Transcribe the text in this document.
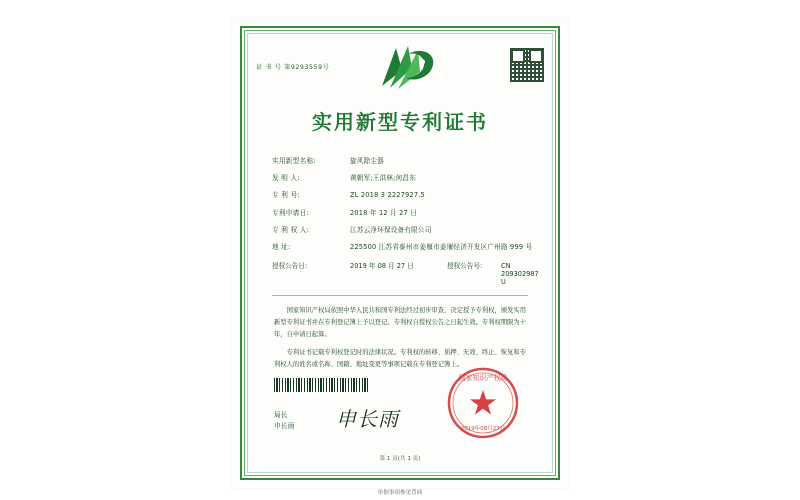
证 书 号 第9293559号
实用新型专利证书
实用新型名称:	旋风除尘器
发 明 人:	黄朝军;王洪林;何昌东
专 利 号:	ZL 2018 3 2227927.5
专利申请日:	2018 年 12 月 27 日
专 利 权 人:	江苏云净环保设备有限公司
地 址:	225500 江苏省泰州市姜堰市姜堰经济开发区广州路 999 号
授权公告日:	2019 年 08 月 27 日	授权公告号:	CN 209302987 U

国家知识产权局依照中华人民共和国专利法经过初步审查，决定授予专利权，颁发实用新型专利证书并在专利登记簿上予以登记。专利权自授权公告之日起生效。专利权期限为十年，自申请日起算。

专利证书记载专利权登记时的法律状况。专利权的转移、质押、无效、终止、恢复和专利权人的姓名或名称、国籍、地址变更等事项记载在专利登记簿上。

局长
申长雨 申长雨
国家知识产权局
2019年08月27日
第 1 页(共 1 页)
单据事项参见背面
